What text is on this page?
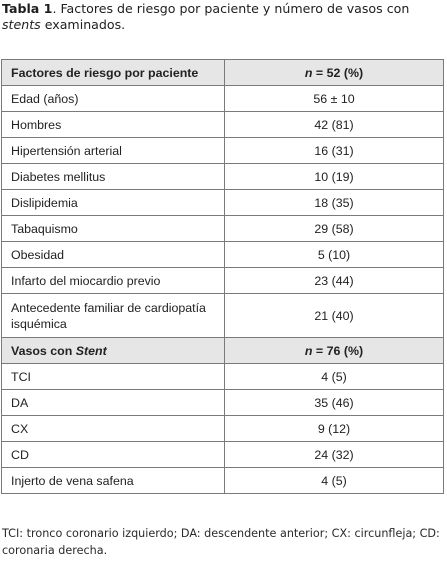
Tabla 1. Factores de riesgo por paciente y número de vasos con stents examinados.
Factores de riesgo por paciente	n = 52 (%)
Edad (años)	56 ± 10
Hombres	42 (81)
Hipertensión arterial	16 (31)
Diabetes mellitus	10 (19)
Dislipidemia	18 (35)
Tabaquismo	29 (58)
Obesidad	5 (10)
Infarto del miocardio previo	23 (44)
Antecedente familiar de cardiopatía isquémica	21 (40)
Vasos con Stent	n = 76 (%)
TCI	4 (5)
DA	35 (46)
CX	9 (12)
CD	24 (32)
Injerto de vena safena	4 (5)
TCI: tronco coronario izquierdo; DA: descendente anterior; CX: circunfleja; CD: coronaria derecha.
